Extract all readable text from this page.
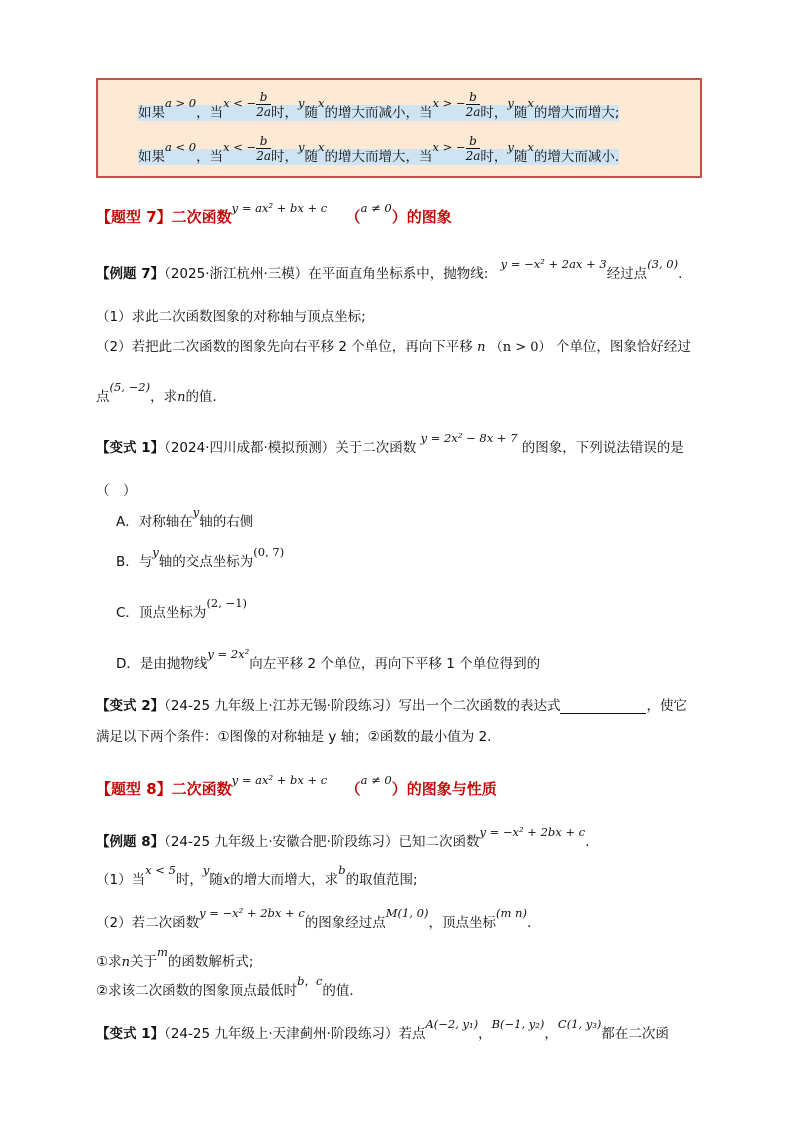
如果a > 0，当x < − $\frac{b}{2a}$ 时，y随x的增大而减小，当x > − $\frac{b}{2a}$ 时，y随x的增大而增大;
如果a < 0，当x < − $\frac{b}{2a}$ 时，y随x的增大而增大，当x > − $\frac{b}{2a}$ 时，y随x的增大而减小.
【题型 7】二次函数y = ax² + bx + c （a ≠ 0）的图象
【例题 7】（2025·浙江杭州·三模）在平面直角坐标系中，抛物线: y = −x² + 2ax + 3经过点(3, 0).
（1）求此二次函数图象的对称轴与顶点坐标;
（2）若把此二次函数的图象先向右平移 2 个单位，再向下平移 n （n > 0） 个单位，图象恰好经过
点(5, −2)，求n的值.
【变式 1】（2024·四川成都·模拟预测）关于二次函数 y = 2x² − 8x + 7 的图象，下列说法错误的是
（　）
A．对称轴在y轴的右侧
B．与y轴的交点坐标为(0, 7)
C．顶点坐标为(2, −1)
D．是由抛物线y = 2x²向左平移 2 个单位，再向下平移 1 个单位得到的
【变式 2】（24-25 九年级上·江苏无锡·阶段练习）写出一个二次函数的表达式	，使它
满足以下两个条件：①图像的对称轴是 y 轴；②函数的最小值为 2.
【题型 8】二次函数y = ax² + bx + c （a ≠ 0）的图象与性质
【例题 8】（24-25 九年级上·安徽合肥·阶段练习）已知二次函数y = −x² + 2bx + c.
（1）当x < 5时，y随x的增大而增大，求b的取值范围;
（2）若二次函数y = −x² + 2bx + c的图象经过点M(1, 0)，顶点坐标(m n).
①求n关于m的函数解析式;
②求该二次函数的图象顶点最低时b，c的值.
【变式 1】（24-25 九年级上·天津蓟州·阶段练习）若点A(−2, y₁)，B(−1, y₂)，C(1, y₃)都在二次函
